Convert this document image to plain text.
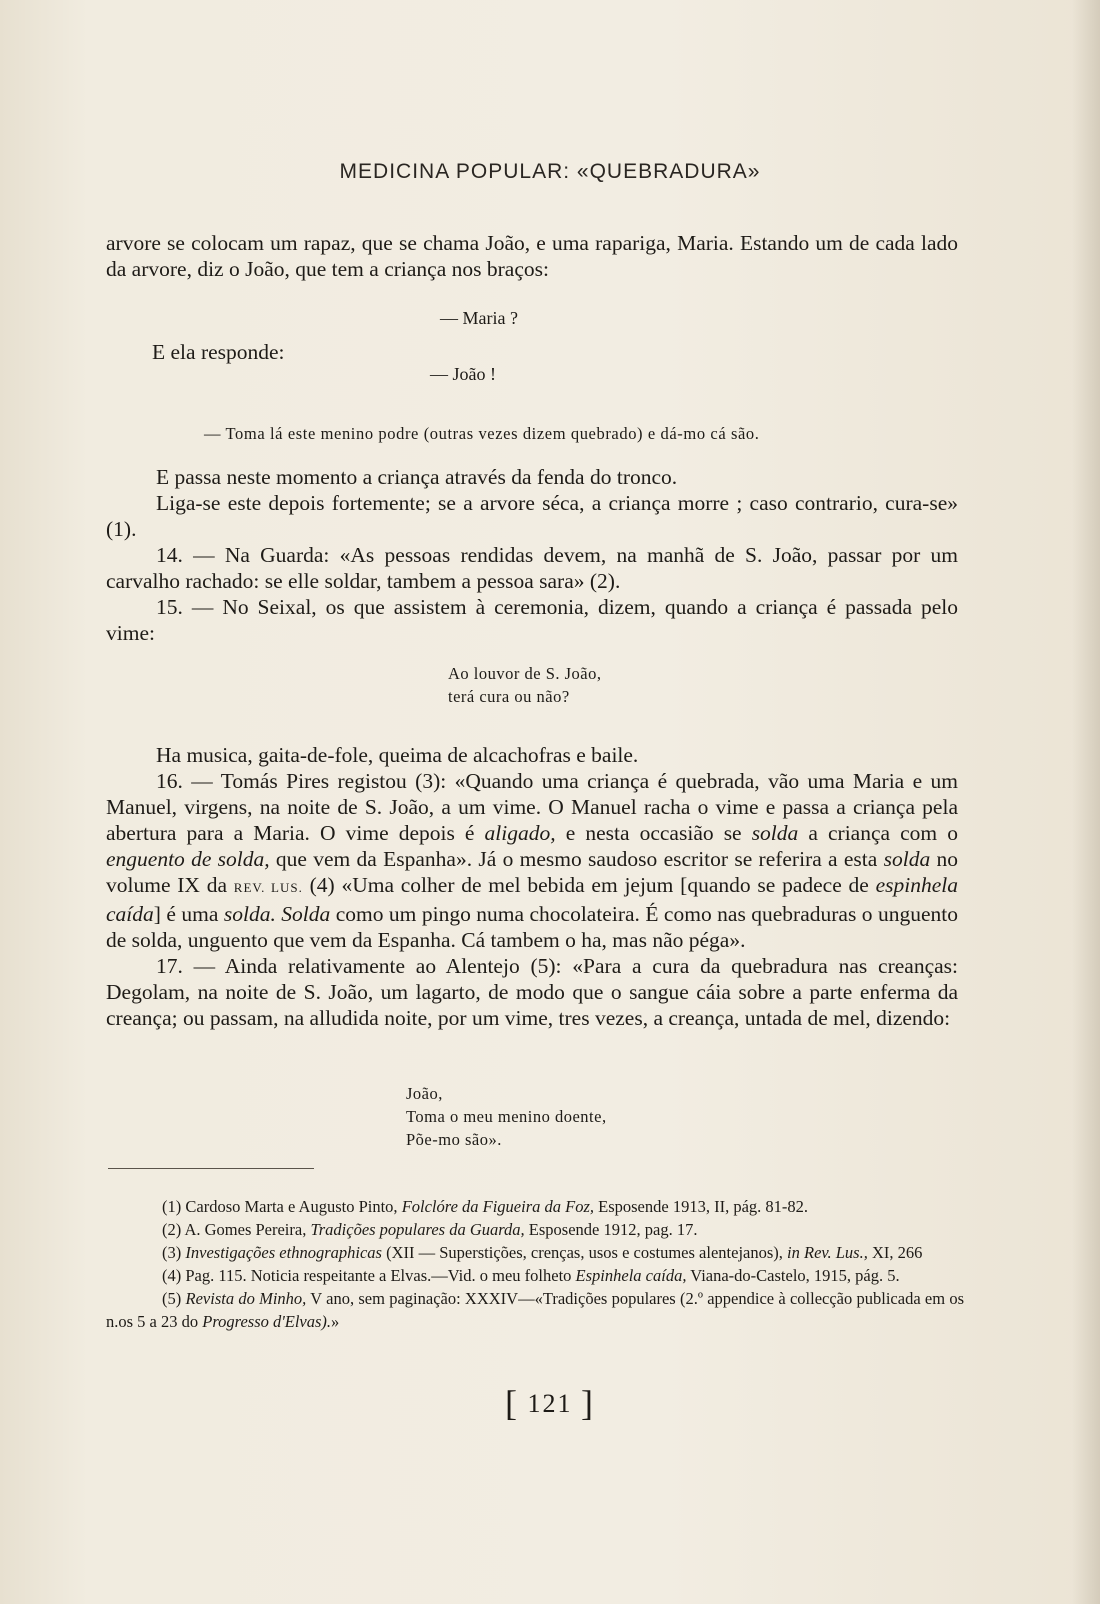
MEDICINA POPULAR: «QUEBRADURA»

arvore se colocam um rapaz, que se chama João, e uma rapariga, Maria. Estando um de cada lado da arvore, diz o João, que tem a criança nos braços:

— Maria ?
E ela responde:
— João !
— Toma lá este menino podre (outras vezes dizem quebrado) e dá-mo cá são.

E passa neste momento a criança através da fenda do tronco.

Liga-se este depois fortemente; se a arvore séca, a criança morre ; caso contrario, cura-se» (1).

14. — Na Guarda: «As pessoas rendidas devem, na manhã de S. João, passar por um carvalho rachado: se elle soldar, tambem a pessoa sara» (2).

15. — No Seixal, os que assistem à ceremonia, dizem, quando a criança é passada pelo vime:

Ao louvor de S. João,
terá cura ou não?

Ha musica, gaita-de-fole, queima de alcachofras e baile.

16. — Tomás Pires registou (3): «Quando uma criança é quebrada, vão uma Maria e um Manuel, virgens, na noite de S. João, a um vime. O Manuel racha o vime e passa a criança pela abertura para a Maria. O vime depois é aligado, e nesta occasião se solda a criança com o enguento de solda, que vem da Espanha». Já o mesmo saudoso escritor se referira a esta solda no volume IX da REV. LUS. (4) «Uma colher de mel bebida em jejum [quando se padece de espinhela caída] é uma solda. Solda como um pingo numa chocolateira. É como nas quebraduras o unguento de solda, unguento que vem da Espanha. Cá tambem o ha, mas não péga».

17. — Ainda relativamente ao Alentejo (5): «Para a cura da quebradura nas creanças: Degolam, na noite de S. João, um lagarto, de modo que o sangue cáia sobre a parte enferma da creança; ou passam, na alludida noite, por um vime, tres vezes, a creança, untada de mel, dizendo:

João,
Toma o meu menino doente,
Põe-mo são».

(1) Cardoso Marta e Augusto Pinto, Folclóre da Figueira da Foz, Esposende 1913, II, pág. 81-82.

(2) A. Gomes Pereira, Tradições populares da Guarda, Esposende 1912, pag. 17.

(3) Investigações ethnographicas (XII — Superstições, crenças, usos e costumes alentejanos), in Rev. Lus., XI, 266

(4) Pag. 115. Noticia respeitante a Elvas.—Vid. o meu folheto Espinhela caída, Viana-do-Castelo, 1915, pág. 5.

(5) Revista do Minho, V ano, sem paginação: XXXIV—«Tradições populares (2.º appendice à collecção publicada em os n.os 5 a 23 do Progresso d'Elvas).»

[ 121 ]
